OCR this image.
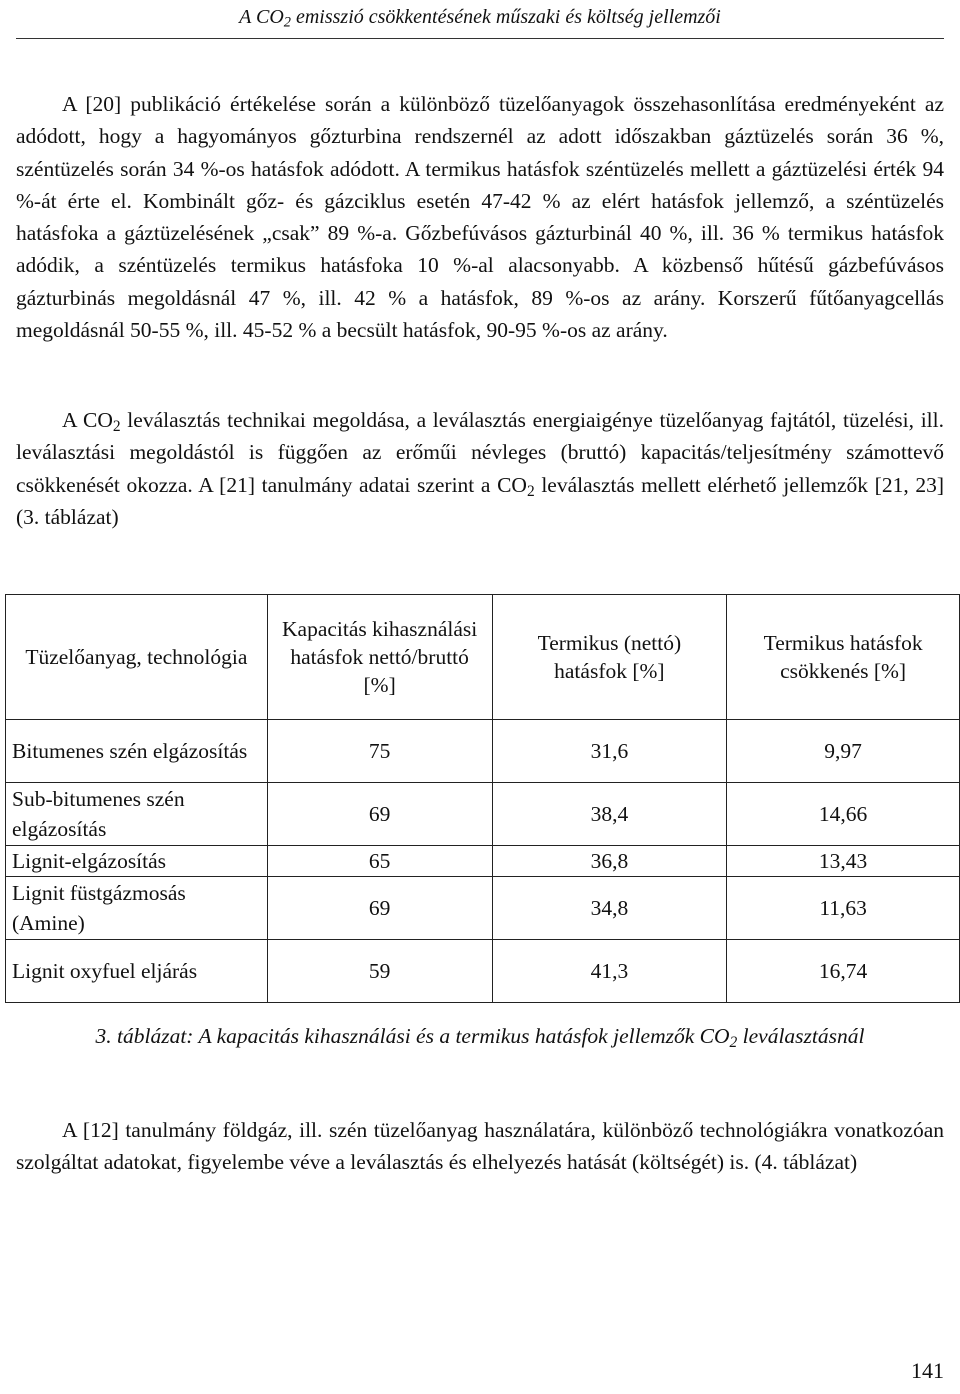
A $CO_2$ emisszió csökkentésének műszaki és költség jellemzői

A [20] publikáció értékelése során a különböző tüzelőanyagok összehasonlítása eredményeként az adódott, hogy a hagyományos gőzturbina rendszernél az adott időszakban gáztüzelés során 36 %, széntüzelés során 34 %-os hatásfok adódott. A termikus hatásfok széntüzelés mellett a gáztüzelési érték 94 %-át érte el. Kombinált gőz- és gázciklus esetén 47-42 % az elért hatásfok jellemző, a széntüzelés hatásfoka a gáztüzelésének „csak” 89 %-a. Gőzbefúvásos gázturbinál 40 %, ill. 36 % termikus hatásfok adódik, a széntüzelés termikus hatásfoka 10 %-al alacsonyabb. A közbenső hűtésű gázbefúvásos gázturbinás megoldásnál 47 %, ill. 42 % a hatásfok, 89 %-os az arány. Korszerű fűtőanyagcellás megoldásnál 50-55 %, ill. 45-52 % a becsült hatásfok, 90-95 %-os az arány.

A $CO_2$ leválasztás technikai megoldása, a leválasztás energiaigénye tüzelőanyag fajtától, tüzelési, ill. leválasztási megoldástól is függően az erőműi névleges (bruttó) kapacitás/teljesítmény számottevő csökkenését okozza. A [21] tanulmány adatai szerint a $CO_2$ leválasztás mellett elérhető jellemzők [21, 23] (3. táblázat)

Tüzelőanyag, technológia	Kapacitás kihasználási hatásfok nettó/bruttó [%]	Termikus (nettó) hatásfok [%]	Termikus hatásfok csökkenés [%]
Bitumenes szén elgázosítás	75	31,6	9,97
Sub-bitumenes szén elgázosítás	69	38,4	14,66
Lignit-elgázosítás	65	36,8	13,43
Lignit füstgázmosás (Amine)	69	34,8	11,63
Lignit oxyfuel eljárás	59	41,3	16,74
3. táblázat: A kapacitás kihasználási és a termikus hatásfok jellemzők $CO_2$ leválasztásnál

A [12] tanulmány földgáz, ill. szén tüzelőanyag használatára, különböző technológiákra vonatkozóan szolgáltat adatokat, figyelembe véve a leválasztás és elhelyezés hatását (költségét) is. (4. táblázat)

141
